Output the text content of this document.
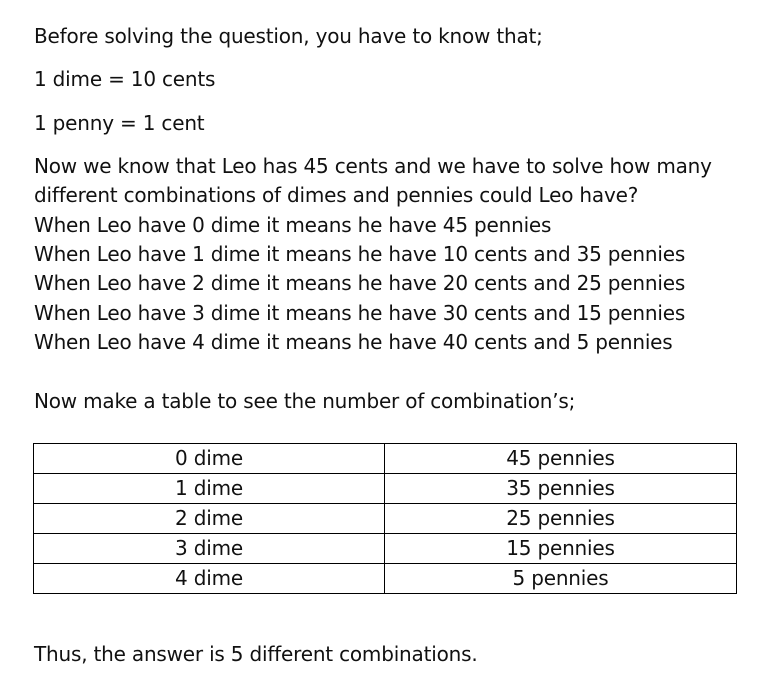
Before solving the question, you have to know that;
1 dime = 10 cents
1 penny = 1 cent
Now we know that Leo has 45 cents and we have to solve how many
different combinations of dimes and pennies could Leo have?
When Leo have 0 dime it means he have 45 pennies
When Leo have 1 dime it means he have 10 cents and 35 pennies
When Leo have 2 dime it means he have 20 cents and 25 pennies
When Leo have 3 dime it means he have 30 cents and 15 pennies
When Leo have 4 dime it means he have 40 cents and 5 pennies
Now make a table to see the number of combination’s;
0 dime	45 pennies
1 dime	35 pennies
2 dime	25 pennies
3 dime	15 pennies
4 dime	5 pennies
Thus, the answer is 5 different combinations.
